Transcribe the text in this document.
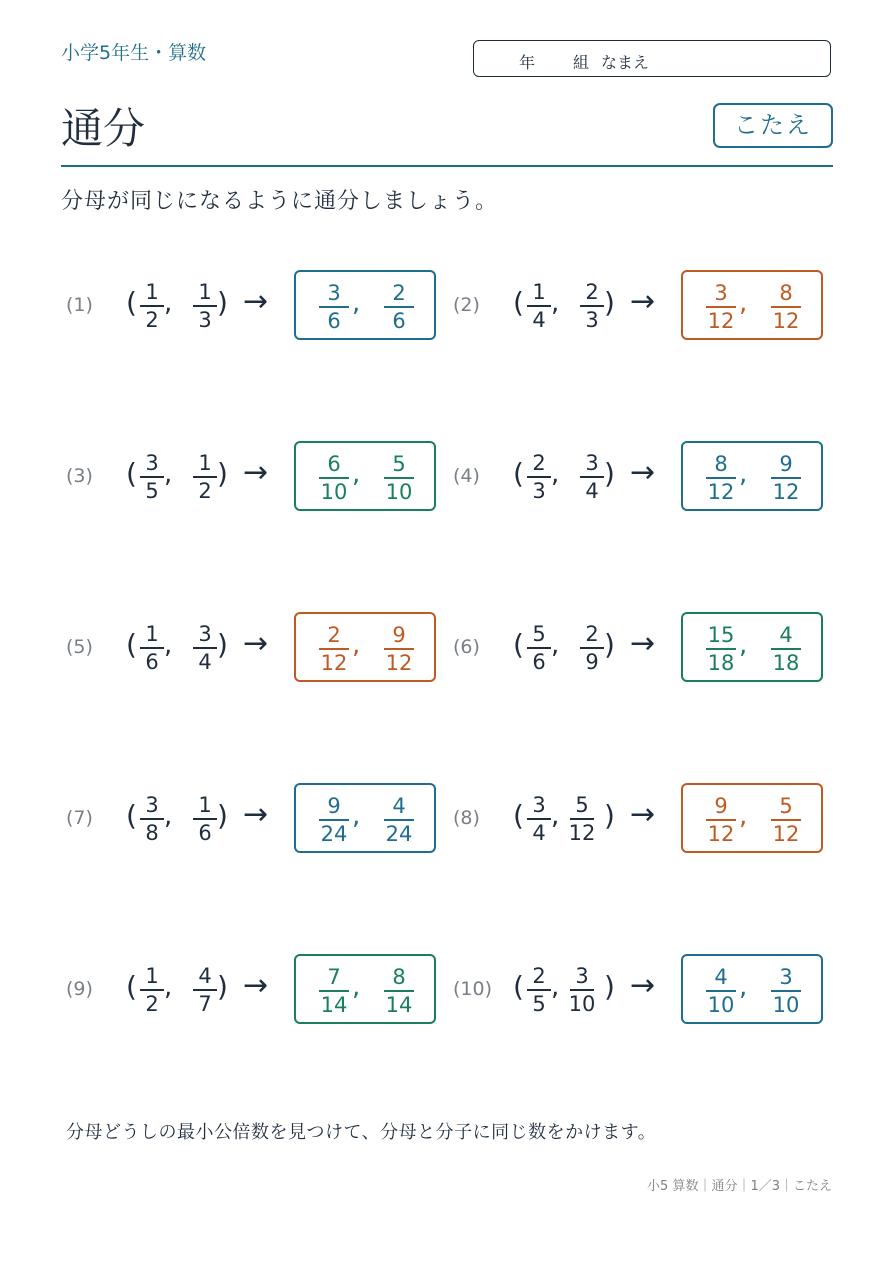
小学5年生・算数	年 組 なまえ
通分	こたえ
分母が同じになるように通分しましょう。
(1) ( 1
2
,	1
3
) →	3
6
,	2
6
(2) ( 1
4
,	2
3
) →	3
12
,	8
12
(3) ( 3
5
,	1
2
) →	6
10
,	5
10
(4) ( 2
3
,	3
4
) →	8
12
,	9
12
(5) ( 1
6
,	3
4
) →	2
12
,	9
12
(6) ( 5
6
,	2
9
) → 15
18
,	4
18
(7) ( 3
8
,	1
6
) →	9
24
,	4
24
(8) ( 3
4
, 5
12
) →	9
12
,	5
12
(9) ( 1
2
,	4
7
) →	7
14
,	8
14
(10) ( 2
5
, 3
10
) →	4
10
,	3
10
分母どうしの最小公倍数を見つけて、分母と分子に同じ数をかけます。
小5 算数｜通分｜1／3｜こたえ
